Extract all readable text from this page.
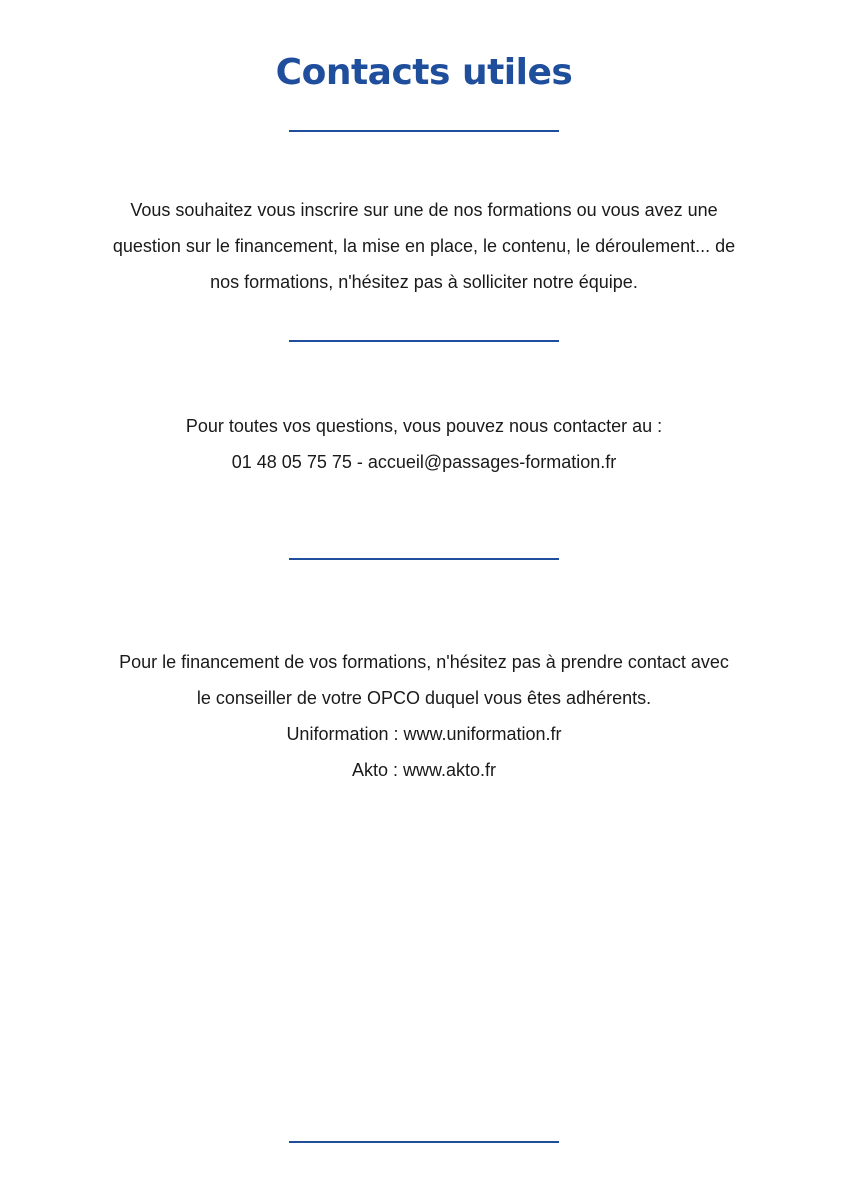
Contacts utiles
Vous souhaitez vous inscrire sur une de nos formations ou vous avez une
question sur le financement, la mise en place, le contenu, le déroulement... de
nos formations, n'hésitez pas à solliciter notre équipe.
Pour toutes vos questions, vous pouvez nous contacter au :
01 48 05 75 75 - accueil@passages-formation.fr
Pour le financement de vos formations, n'hésitez pas à prendre contact avec
le conseiller de votre OPCO duquel vous êtes adhérents.
Uniformation : www.uniformation.fr
Akto : www.akto.fr
